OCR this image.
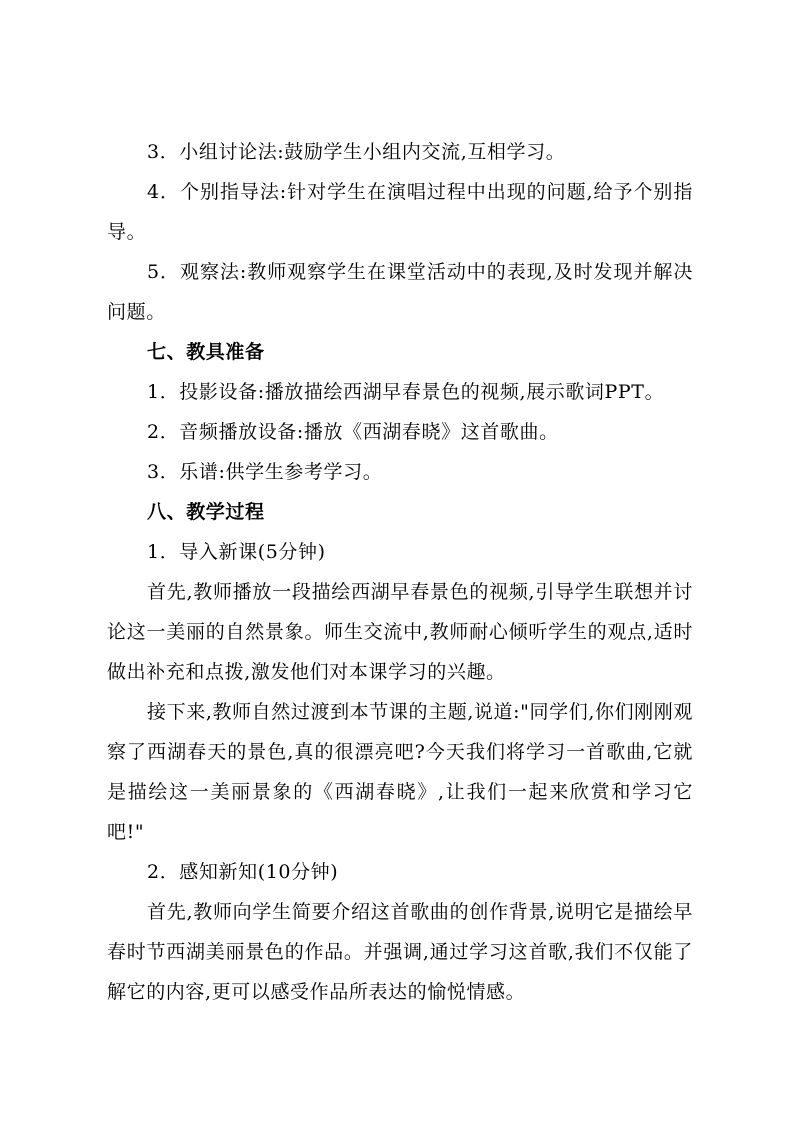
3．小组讨论法:鼓励学生小组内交流,互相学习。
4．个别指导法:针对学生在演唱过程中出现的问题,给予个别指导。
5．观察法:教师观察学生在课堂活动中的表现,及时发现并解决问题。
七、教具准备
1．投影设备:播放描绘西湖早春景色的视频,展示歌词PPT。
2．音频播放设备:播放《西湖春晓》这首歌曲。
3．乐谱:供学生参考学习。
八、教学过程
1．导入新课(5分钟)
首先,教师播放一段描绘西湖早春景色的视频,引导学生联想并讨论这一美丽的自然景象。师生交流中,教师耐心倾听学生的观点,适时做出补充和点拨,激发他们对本课学习的兴趣。
接下来,教师自然过渡到本节课的主题,说道:"同学们,你们刚刚观察了西湖春天的景色,真的很漂亮吧?今天我们将学习一首歌曲,它就是描绘这一美丽景象的《西湖春晓》,让我们一起来欣赏和学习它吧!"
2．感知新知(10分钟)
首先,教师向学生简要介绍这首歌曲的创作背景,说明它是描绘早春时节西湖美丽景色的作品。并强调,通过学习这首歌,我们不仅能了解它的内容,更可以感受作品所表达的愉悦情感。
